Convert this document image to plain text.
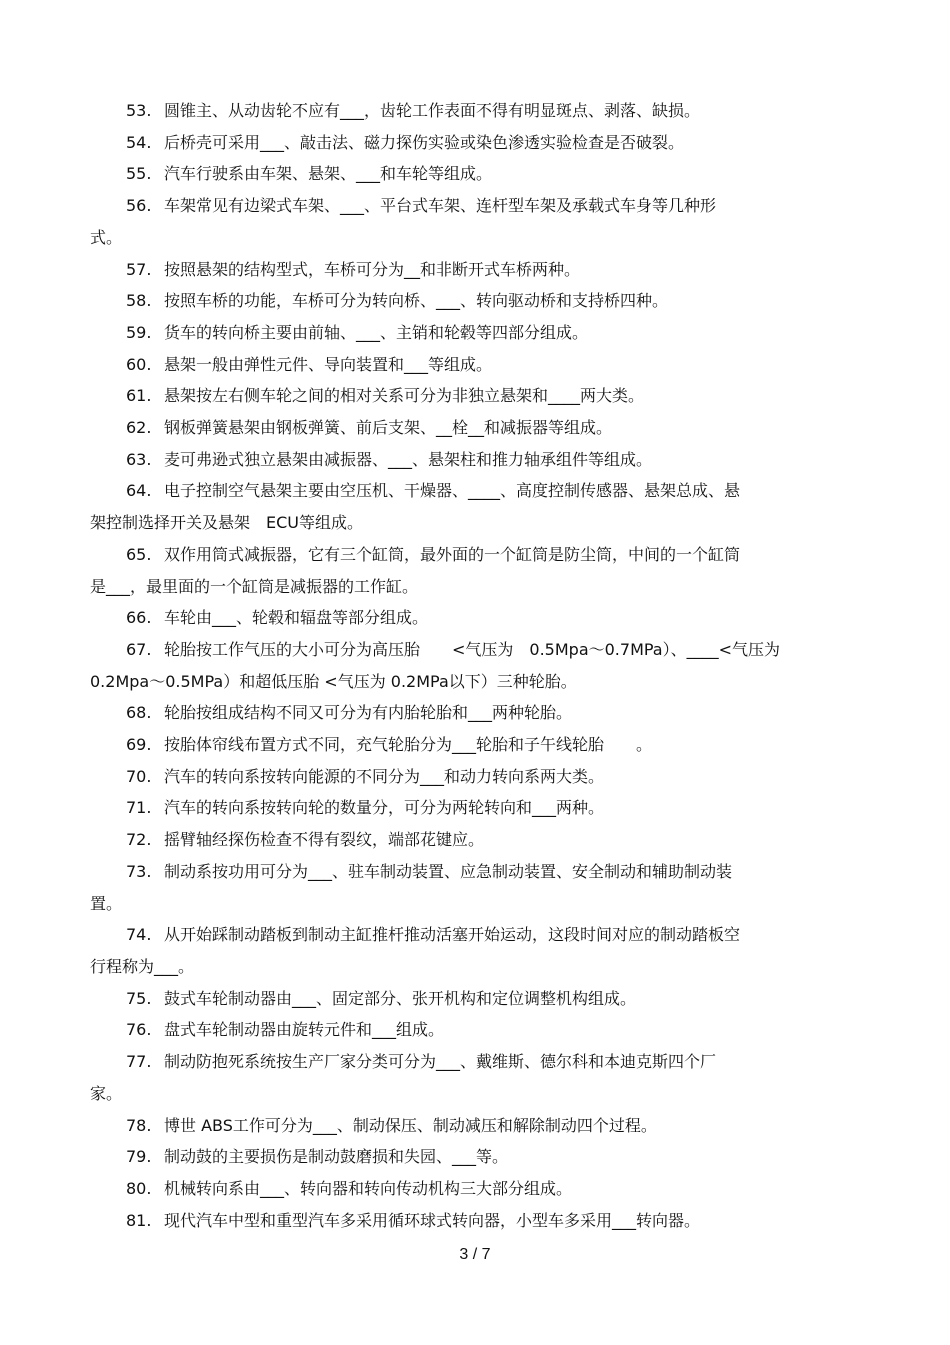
53. 圆锥主、从动齿轮不应有___，齿轮工作表面不得有明显斑点、剥落、缺损。

54. 后桥壳可采用___、敲击法、磁力探伤实验或染色渗透实验检查是否破裂。

55. 汽车行驶系由车架、悬架、___和车轮等组成。

56. 车架常见有边梁式车架、___、平台式车架、连杆型车架及承载式车身等几种形
式。

57. 按照悬架的结构型式，车桥可分为__和非断开式车桥两种。

58. 按照车桥的功能，车桥可分为转向桥、___、转向驱动桥和支持桥四种。

59. 货车的转向桥主要由前轴、___、主销和轮毂等四部分组成。

60. 悬架一般由弹性元件、导向装置和___等组成。

61. 悬架按左右侧车轮之间的相对关系可分为非独立悬架和____两大类。

62. 钢板弹簧悬架由钢板弹簧、前后支架、__栓__和减振器等组成。

63. 麦可弗逊式独立悬架由减振器、___、悬架柱和推力轴承组件等组成。

64. 电子控制空气悬架主要由空压机、干燥器、____、高度控制传感器、悬架总成、悬
架控制选择开关及悬架　ECU等组成。

65. 双作用筒式减振器，它有三个缸筒，最外面的一个缸筒是防尘筒，中间的一个缸筒
是___，最里面的一个缸筒是减振器的工作缸。

66. 车轮由___、轮毂和辐盘等部分组成。

67. 轮胎按工作气压的大小可分为高压胎　　<气压为　0.5Mpa～0.7MPa）、____<气压为
0.2Mpa～0.5MPa）和超低压胎 <气压为 0.2MPa以下）三种轮胎。

68. 轮胎按组成结构不同又可分为有内胎轮胎和___两种轮胎。

69. 按胎体帘线布置方式不同，充气轮胎分为___轮胎和子午线轮胎　　。

70. 汽车的转向系按转向能源的不同分为___和动力转向系两大类。

71. 汽车的转向系按转向轮的数量分，可分为两轮转向和___两种。

72. 摇臂轴经探伤检查不得有裂纹，端部花键应。

73. 制动系按功用可分为___、驻车制动装置、应急制动装置、安全制动和辅助制动装
置。

74. 从开始踩制动踏板到制动主缸推杆推动活塞开始运动，这段时间对应的制动踏板空
行程称为___。

75. 鼓式车轮制动器由___、固定部分、张开机构和定位调整机构组成。

76. 盘式车轮制动器由旋转元件和___组成。

77. 制动防抱死系统按生产厂家分类可分为___、戴维斯、德尔科和本迪克斯四个厂
家。

78. 博世 ABS工作可分为___、制动保压、制动减压和解除制动四个过程。

79. 制动鼓的主要损伤是制动鼓磨损和失园、___等。

80. 机械转向系由___、转向器和转向传动机构三大部分组成。

81. 现代汽车中型和重型汽车多采用循环球式转向器，小型车多采用___转向器。

3 / 7
